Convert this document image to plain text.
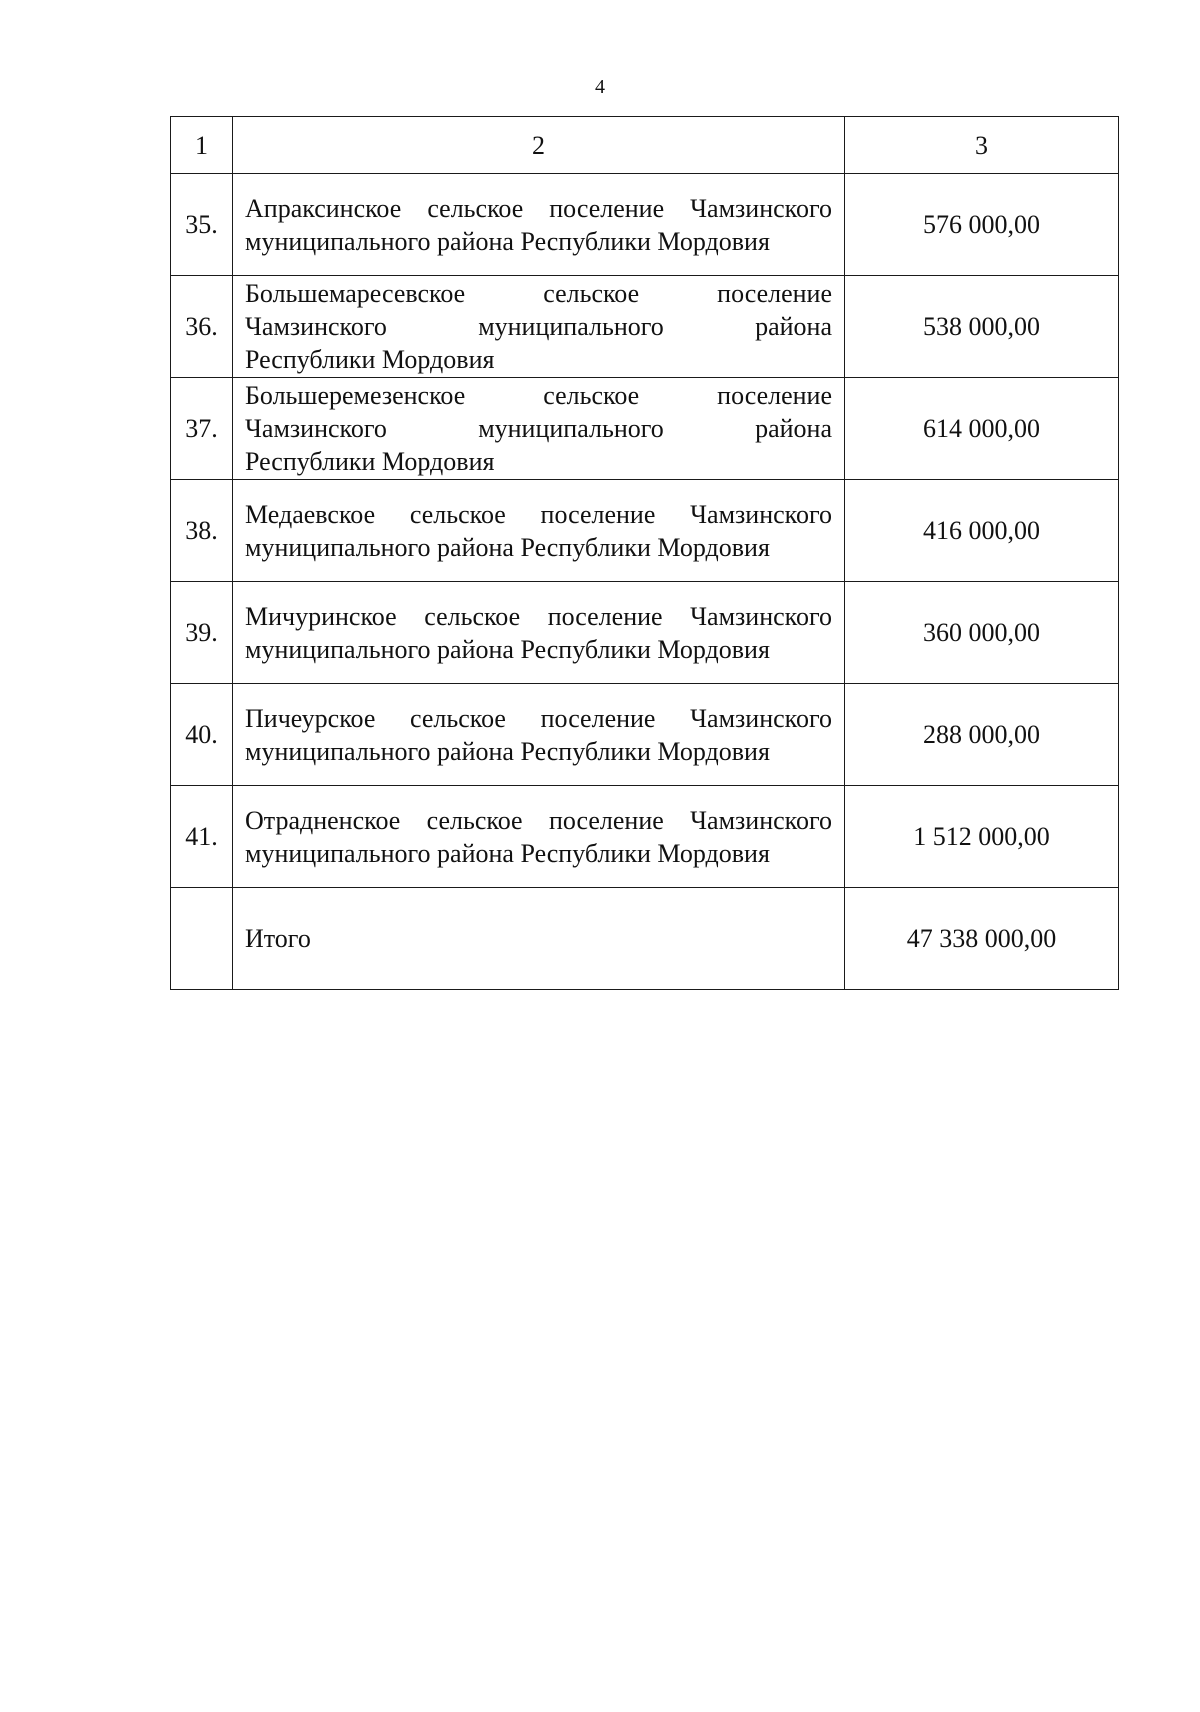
4
1	2	3
35.	Апраксинское сельское поселение Чамзинского
муниципального района Республики Мордовия	576 000,00
36.	Большемаресевское сельское поселение
Чамзинского муниципального района
Республики Мордовия	538 000,00
37.	Большеремезенское сельское поселение
Чамзинского муниципального района
Республики Мордовия	614 000,00
38.	Медаевское сельское поселение Чамзинского
муниципального района Республики Мордовия	416 000,00
39.	Мичуринское сельское поселение Чамзинского
муниципального района Республики Мордовия	360 000,00
40.	Пичеурское сельское поселение Чамзинского
муниципального района Республики Мордовия	288 000,00
41.	Отрадненское сельское поселение Чамзинского
муниципального района Республики Мордовия	1 512 000,00
	Итого	47 338 000,00
